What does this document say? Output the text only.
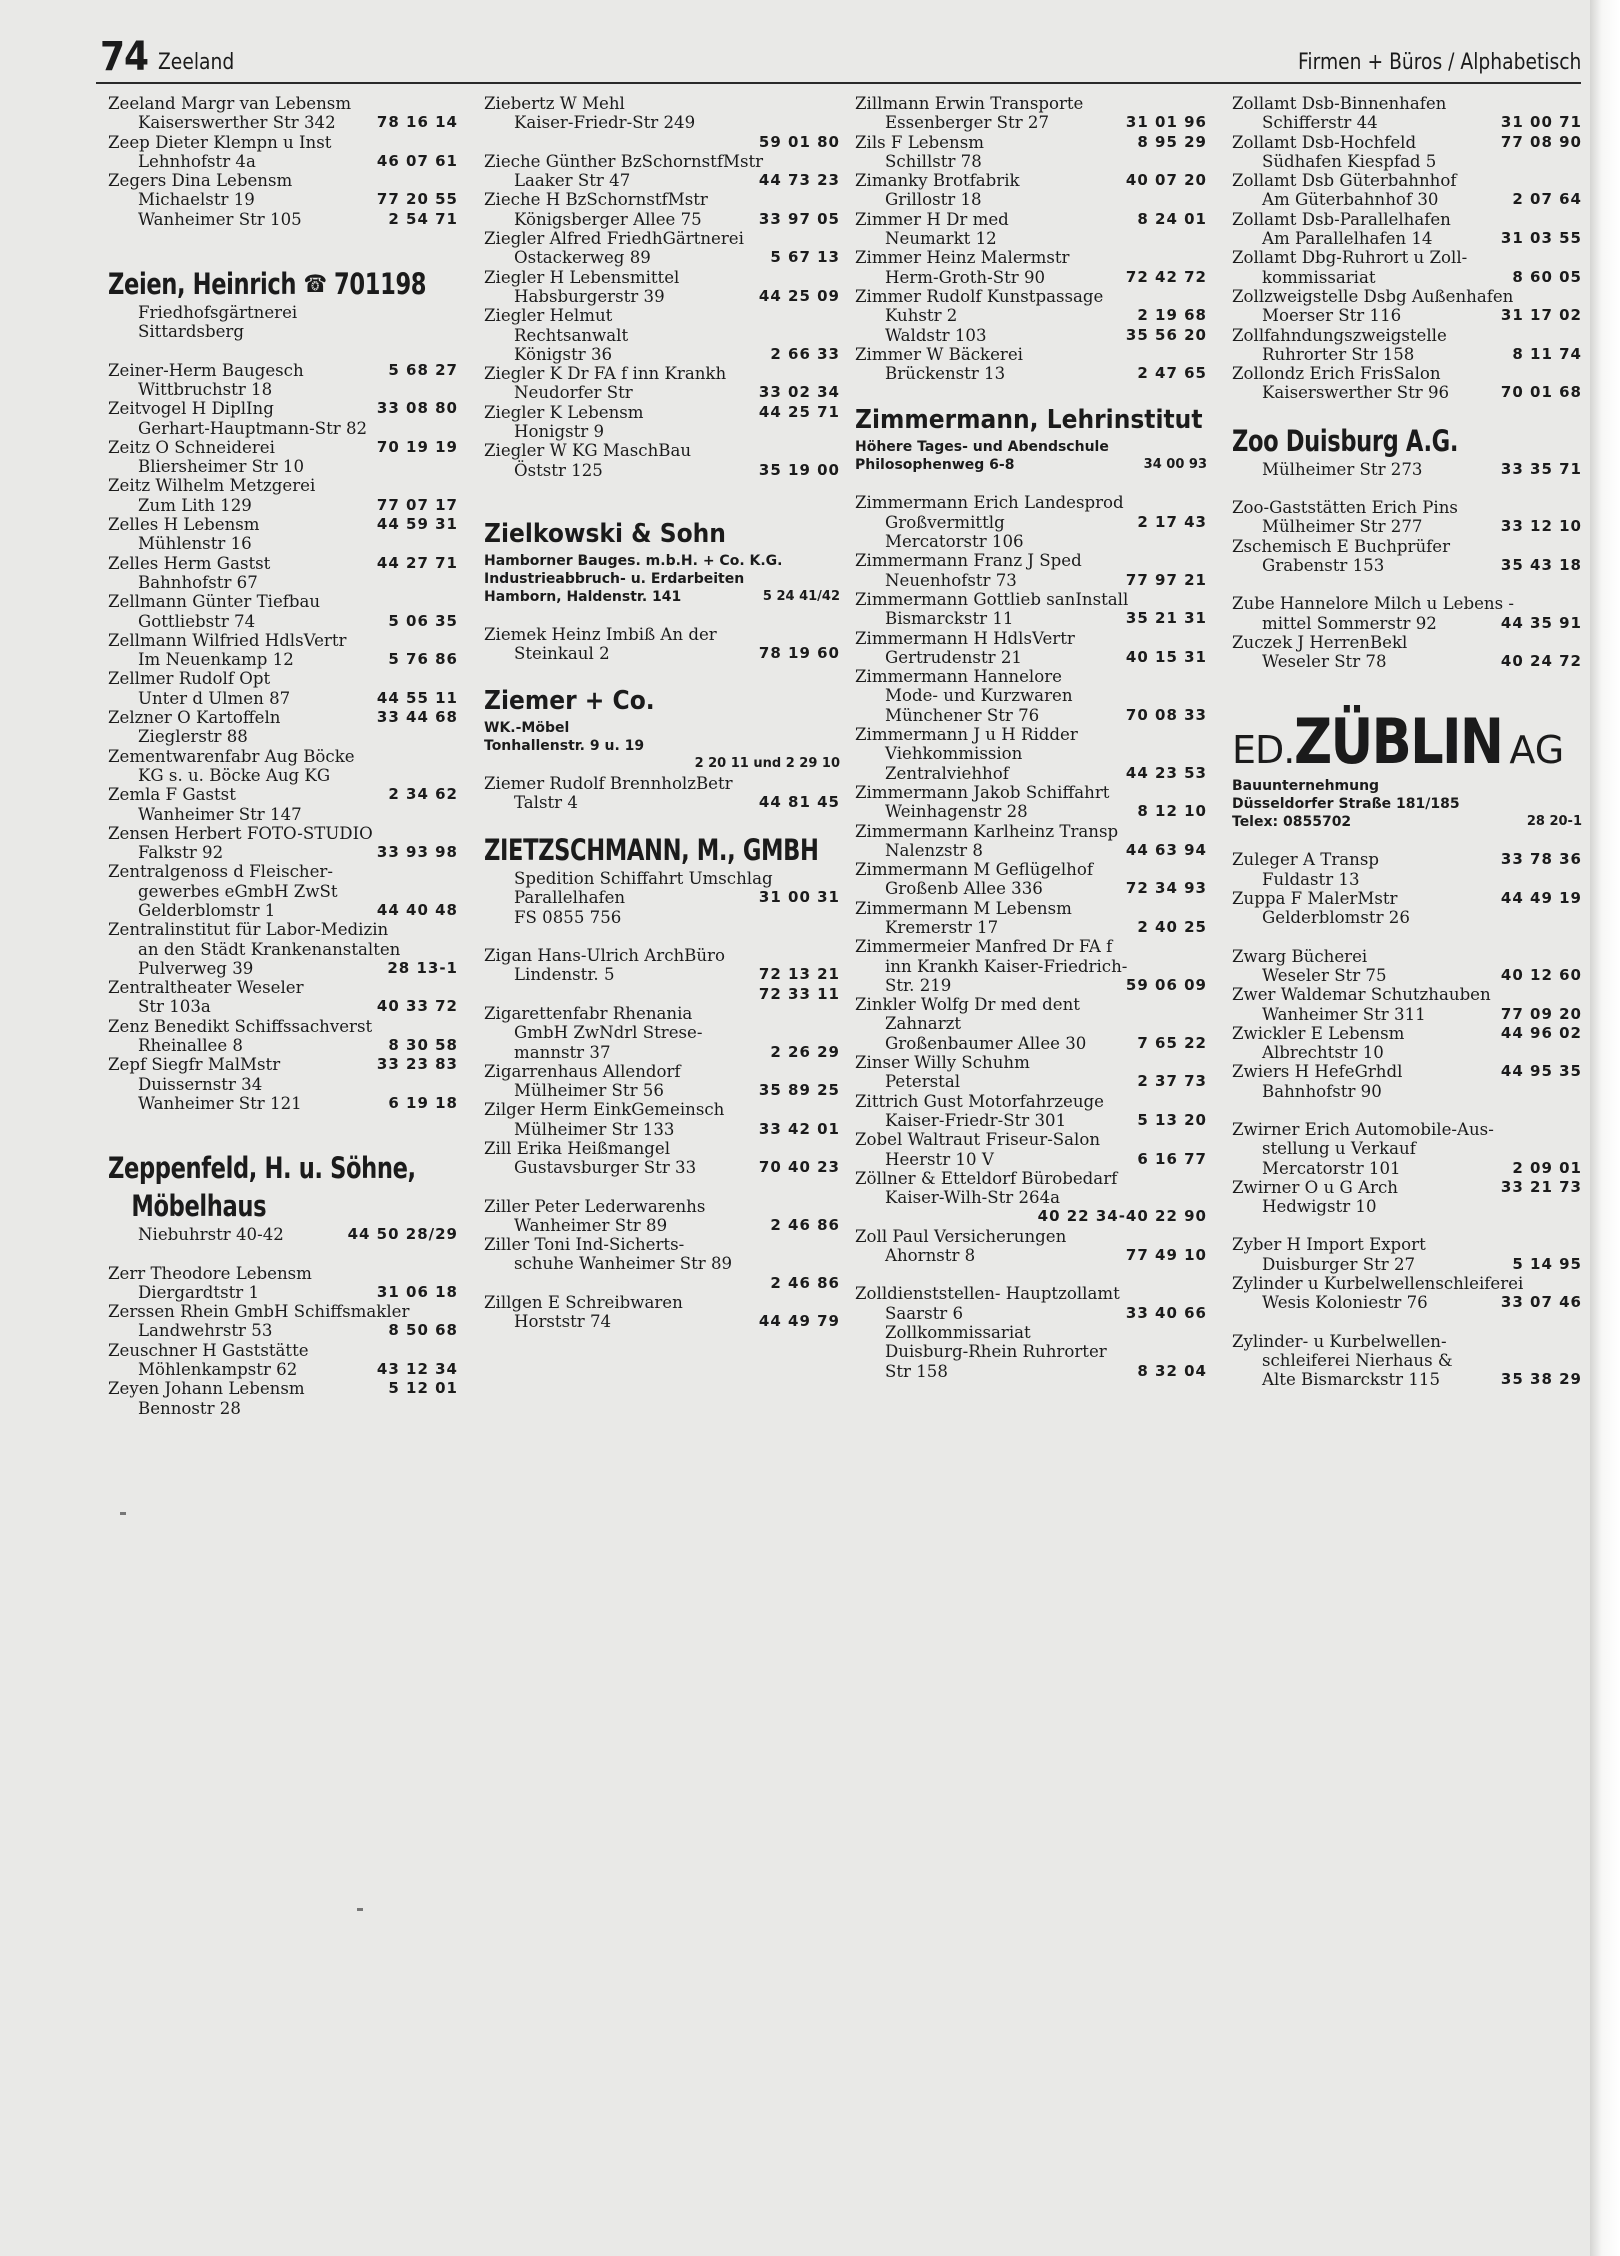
74 Zeeland	Firmen + Büros / Alphabetisch
Zeeland Margr van Lebensm
Kaiserswerther Str 342	78 16 14
Zeep Dieter Klempn u Inst
Lehnhofstr 4a	46 07 61
Zegers Dina Lebensm
Michaelstr 19	77 20 55
Wanheimer Str 105	2 54 71
Zeien, Heinrich ☎ 701198
Friedhofsgärtnerei
Sittardsberg
Zeiner-Herm Baugesch	5 68 27
Wittbruchstr 18
Zeitvogel H DiplIng	33 08 80
Gerhart-Hauptmann-Str 82
Zeitz O Schneiderei	70 19 19
Bliersheimer Str 10
Zeitz Wilhelm Metzgerei
Zum Lith 129	77 07 17
Zelles H Lebensm	44 59 31
Mühlenstr 16
Zelles Herm Gastst	44 27 71
Bahnhofstr 67
Zellmann Günter Tiefbau
Gottliebstr 74	5 06 35
Zellmann Wilfried HdlsVertr
Im Neuenkamp 12	5 76 86
Zellmer Rudolf Opt
Unter d Ulmen 87	44 55 11
Zelzner O Kartoffeln	33 44 68
Zieglerstr 88
Zementwarenfabr Aug Böcke
KG s. u. Böcke Aug KG
Zemla F Gastst	2 34 62
Wanheimer Str 147
Zensen Herbert FOTO-STUDIO
Falkstr 92	33 93 98
Zentralgenoss d Fleischer-
gewerbes eGmbH ZwSt
Gelderblomstr 1	44 40 48
Zentralinstitut für Labor-Medizin
an den Städt Krankenanstalten
Pulverweg 39	28 13-1
Zentraltheater Weseler
Str 103a	40 33 72
Zenz Benedikt Schiffssachverst
Rheinallee 8	8 30 58
Zepf Siegfr MalMstr	33 23 83
Duissernstr 34
Wanheimer Str 121	6 19 18
Zeppenfeld, H. u. Söhne,
Möbelhaus
Niebuhrstr 40-42	44 50 28/29
Zerr Theodore Lebensm
Diergardtstr 1	31 06 18
Zerssen Rhein GmbH Schiffsmakler
Landwehrstr 53	8 50 68
Zeuschner H Gaststätte
Möhlenkampstr 62	43 12 34
Zeyen Johann Lebensm	5 12 01
Bennostr 28
Ziebertz W Mehl
Kaiser-Friedr-Str 249
59 01 80
Zieche Günther BzSchornstfMstr
Laaker Str 47	44 73 23
Zieche H BzSchornstfMstr
Königsberger Allee 75	33 97 05
Ziegler Alfred FriedhGärtnerei
Ostackerweg 89	5 67 13
Ziegler H Lebensmittel
Habsburgerstr 39	44 25 09
Ziegler Helmut
Rechtsanwalt
Königstr 36	2 66 33
Ziegler K Dr FA f inn Krankh
Neudorfer Str	33 02 34
Ziegler K Lebensm	44 25 71
Honigstr 9
Ziegler W KG MaschBau
Öststr 125	35 19 00
Zielkowski & Sohn
Hamborner Bauges. m.b.H. + Co. K.G.
Industrieabbruch- u. Erdarbeiten
Hamborn, Haldenstr. 141	5 24 41/42
Ziemek Heinz Imbiß An der
Steinkaul 2	78 19 60
Ziemer + Co.
WK.-Möbel
Tonhallenstr. 9 u. 19
2 20 11 und 2 29 10
Ziemer Rudolf BrennholzBetr
Talstr 4	44 81 45
ZIETZSCHMANN, M., GMBH
Spedition Schiffahrt Umschlag
Parallelhafen	31 00 31
FS 0855 756
Zigan Hans-Ulrich ArchBüro
Lindenstr. 5	72 13 21
72 33 11
Zigarettenfabr Rhenania
GmbH ZwNdrl Strese-
mannstr 37	2 26 29
Zigarrenhaus Allendorf
Mülheimer Str 56	35 89 25
Zilger Herm EinkGemeinsch
Mülheimer Str 133	33 42 01
Zill Erika Heißmangel
Gustavsburger Str 33	70 40 23
Ziller Peter Lederwarenhs
Wanheimer Str 89	2 46 86
Ziller Toni Ind-Sicherts-
schuhe Wanheimer Str 89
2 46 86
Zillgen E Schreibwaren
Horststr 74	44 49 79
Zillmann Erwin Transporte
Essenberger Str 27	31 01 96
Zils F Lebensm	8 95 29
Schillstr 78
Zimanky Brotfabrik	40 07 20
Grillostr 18
Zimmer H Dr med	8 24 01
Neumarkt 12
Zimmer Heinz Malermstr
Herm-Groth-Str 90	72 42 72
Zimmer Rudolf Kunstpassage
Kuhstr 2	2 19 68
Waldstr 103	35 56 20
Zimmer W Bäckerei
Brückenstr 13	2 47 65
Zimmermann, Lehrinstitut
Höhere Tages- und Abendschule
Philosophenweg 6-8	34 00 93
Zimmermann Erich Landesprod
Großvermittlg	2 17 43
Mercatorstr 106
Zimmermann Franz J Sped
Neuenhofstr 73	77 97 21
Zimmermann Gottlieb sanInstall
Bismarckstr 11	35 21 31
Zimmermann H HdlsVertr
Gertrudenstr 21	40 15 31
Zimmermann Hannelore
Mode- und Kurzwaren
Münchener Str 76	70 08 33
Zimmermann J u H Ridder
Viehkommission
Zentralviehhof	44 23 53
Zimmermann Jakob Schiffahrt
Weinhagenstr 28	8 12 10
Zimmermann Karlheinz Transp
Nalenzstr 8	44 63 94
Zimmermann M Geflügelhof
Großenb Allee 336	72 34 93
Zimmermann M Lebensm
Kremerstr 17	2 40 25
Zimmermeier Manfred Dr FA f
inn Krankh Kaiser-Friedrich-
Str. 219	59 06 09
Zinkler Wolfg Dr med dent
Zahnarzt
Großenbaumer Allee 30	7 65 22
Zinser Willy Schuhm
Peterstal	2 37 73
Zittrich Gust Motorfahrzeuge
Kaiser-Friedr-Str 301	5 13 20
Zobel Waltraut Friseur-Salon
Heerstr 10 V	6 16 77
Zöllner & Etteldorf Bürobedarf
Kaiser-Wilh-Str 264a
40 22 34-40 22 90
Zoll Paul Versicherungen
Ahornstr 8	77 49 10
Zolldienststellen- Hauptzollamt
Saarstr 6	33 40 66
Zollkommissariat
Duisburg-Rhein Ruhrorter
Str 158	8 32 04
Zollamt Dsb-Binnenhafen
Schifferstr 44	31 00 71
Zollamt Dsb-Hochfeld	77 08 90
Südhafen Kiespfad 5
Zollamt Dsb Güterbahnhof
Am Güterbahnhof 30	2 07 64
Zollamt Dsb-Parallelhafen
Am Parallelhafen 14	31 03 55
Zollamt Dbg-Ruhrort u Zoll-
kommissariat	8 60 05
Zollzweigstelle Dsbg Außenhafen
Moerser Str 116	31 17 02
Zollfahndungszweigstelle
Ruhrorter Str 158	8 11 74
Zollondz Erich FrisSalon
Kaiserswerther Str 96	70 01 68
Zoo Duisburg A.G.
Mülheimer Str 273	33 35 71
Zoo-Gaststätten Erich Pins
Mülheimer Str 277	33 12 10
Zschemisch E Buchprüfer
Grabenstr 153	35 43 18
Zube Hannelore Milch u Lebens -
mittel Sommerstr 92	44 35 91
Zuczek J HerrenBekl
Weseler Str 78	40 24 72
ED.ZÜBLIN AG
Bauunternehmung
Düsseldorfer Straße 181/185
Telex: 0855702	28 20-1
Zuleger A Transp	33 78 36
Fuldastr 13
Zuppa F MalerMstr	44 49 19
Gelderblomstr 26
Zwarg Bücherei
Weseler Str 75	40 12 60
Zwer Waldemar Schutzhauben
Wanheimer Str 311	77 09 20
Zwickler E Lebensm	44 96 02
Albrechtstr 10
Zwiers H HefeGrhdl	44 95 35
Bahnhofstr 90
Zwirner Erich Automobile-Aus-
stellung u Verkauf
Mercatorstr 101	2 09 01
Zwirner O u G Arch	33 21 73
Hedwigstr 10
Zyber H Import Export
Duisburger Str 27	5 14 95
Zylinder u Kurbelwellenschleiferei
Wesis Koloniestr 76	33 07 46
Zylinder- u Kurbelwellen-
schleiferei Nierhaus &
Alte Bismarckstr 115	35 38 29
